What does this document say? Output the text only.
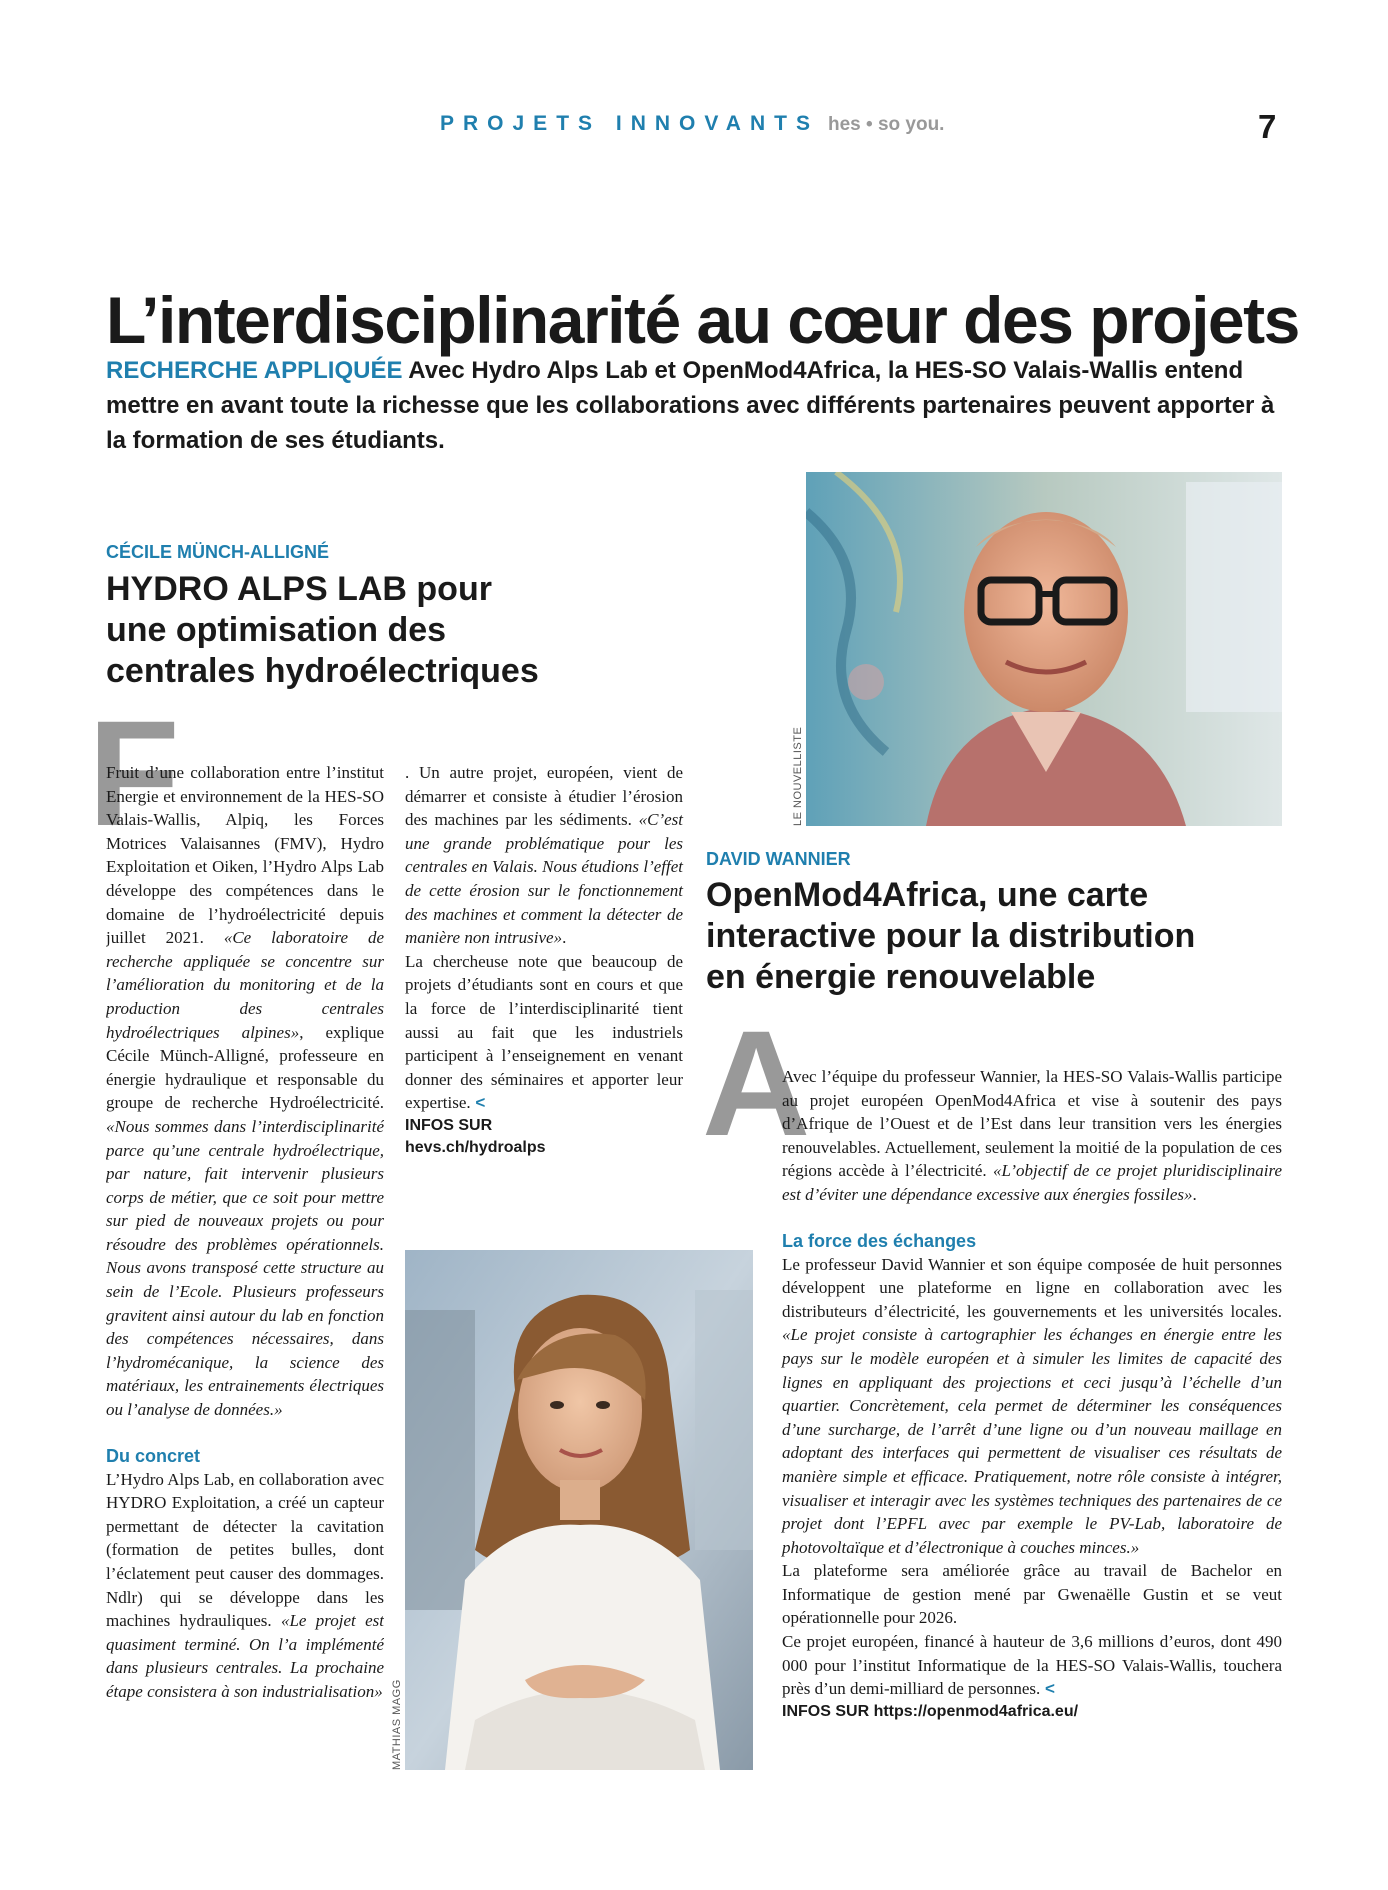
PROJETS INNOVANTS hes • so you.	7
L’interdisciplinarité au cœur des projets
RECHERCHE APPLIQUÉE Avec Hydro Alps Lab et OpenMod4Africa, la HES-SO Valais-Wallis entend mettre en avant toute la richesse que les collaborations avec différents partenaires peuvent apporter à la formation de ses étudiants.
CÉCILE MÜNCH-ALLIGNÉ
HYDRO ALPS LAB pour
une optimisation des
centrales hydroélectriques
F

Fruit d’une collaboration entre l’institut Energie et environnement de la HES-SO Valais-Wallis, Alpiq, les Forces Motrices Valaisannes (FMV), Hydro Exploitation et Oiken, l’Hydro Alps Lab développe des compétences dans le domaine de l’hydroélectricité depuis juillet 2021. «Ce laboratoire de recherche appliquée se concentre sur l’amélioration du monitoring et de la production des centrales hydroélectriques alpines», explique Cécile Münch-Alligné, professeure en énergie hydraulique et responsable du groupe de recherche Hydroélectricité. «Nous sommes dans l’interdisciplinarité parce qu’une centrale hydroélectrique, par nature, fait intervenir plusieurs corps de métier, que ce soit pour mettre sur pied de nouveaux projets ou pour résoudre des problèmes opérationnels. Nous avons transposé cette structure au sein de l’Ecole. Plusieurs professeurs gravitent ainsi autour du lab en fonction des compétences nécessaires, dans l’hydromécanique, la science des matériaux, les entrainements électriques ou l’analyse de données.»

Du concret

L’Hydro Alps Lab, en collaboration avec HYDRO Exploitation, a créé un capteur permettant de détecter la cavitation (formation de petites bulles, dont l’éclatement peut causer des dommages. Ndlr) qui se développe dans les machines hydrauliques. «Le projet est quasiment terminé. On l’a implémenté dans plusieurs centrales. La prochaine étape consistera à son industrialisation»

. Un autre projet, européen, vient de démarrer et consiste à étudier l’érosion des machines par les sédiments. «C’est une grande problématique pour les centrales en Valais. Nous étudions l’effet de cette érosion sur le fonctionnement des machines et comment la détecter de manière non intrusive».

La chercheuse note que beaucoup de projets d’étudiants sont en cours et que la force de l’interdisciplinarité tient aussi au fait que les industriels participent à l’enseignement en venant donner des séminaires et apporter leur expertise. <

INFOS SUR
hevs.ch/hydroalps
MATHIAS MAGG
LE NOUVELLISTE
DAVID WANNIER
OpenMod4Africa, une carte
interactive pour la distribution
en énergie renouvelable
A

Avec l’équipe du professeur Wannier, la HES-SO Valais-Wallis participe au projet européen OpenMod4Africa et vise à soutenir des pays d’Afrique de l’Ouest et de l’Est dans leur transition vers les énergies renouvelables. Actuellement, seulement la moitié de la population de ces régions accède à l’électricité. «L’objectif de ce projet pluridisciplinaire est d’éviter une dépendance excessive aux énergies fossiles».

La force des échanges

Le professeur David Wannier et son équipe composée de huit personnes développent une plateforme en ligne en collaboration avec les distributeurs d’électricité, les gouvernements et les universités locales. «Le projet consiste à cartographier les échanges en énergie entre les pays sur le modèle européen et à simuler les limites de capacité des lignes en appliquant des projections et ceci jusqu’à l’échelle d’un quartier. Concrètement, cela permet de déterminer les conséquences d’une surcharge, de l’arrêt d’une ligne ou d’un nouveau maillage en adoptant des interfaces qui permettent de visualiser ces résultats de manière simple et efficace. Pratiquement, notre rôle consiste à intégrer, visualiser et interagir avec les systèmes techniques des partenaires de ce projet dont l’EPFL avec par exemple le PV-Lab, laboratoire de photovoltaïque et d’électronique à couches minces.»

La plateforme sera améliorée grâce au travail de Bachelor en Informatique de gestion mené par Gwenaëlle Gustin et se veut opérationnelle pour 2026.

Ce projet européen, financé à hauteur de 3,6 millions d’euros, dont 490 000 pour l’institut Informatique de la HES-SO Valais-Wallis, touchera près d’un demi-milliard de personnes. <

INFOS SUR https://openmod4africa.eu/
